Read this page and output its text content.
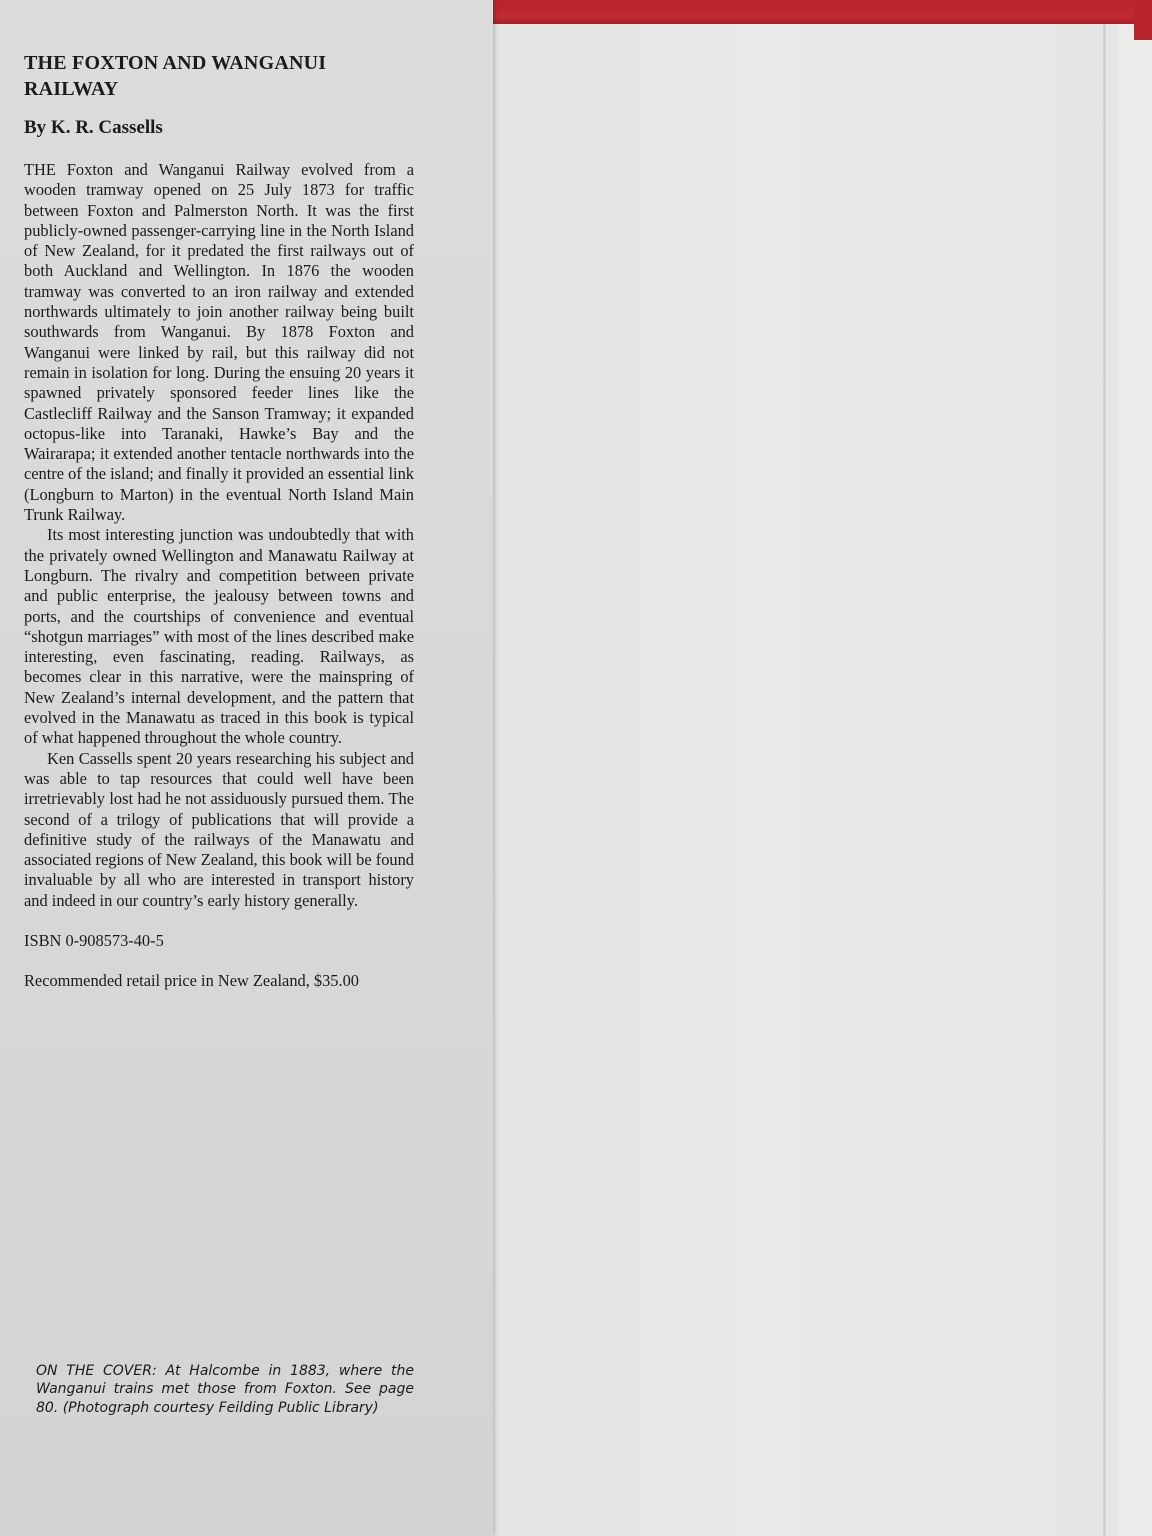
THE FOXTON AND WANGANUI RAILWAY
By K. R. Cassells

THE Foxton and Wanganui Railway evolved from a wooden tramway opened on 25 July 1873 for traffic between Foxton and Palmerston North. It was the first publicly-owned passenger-carrying line in the North Island of New Zealand, for it predated the first railways out of both Auckland and Wellington. In 1876 the wooden tramway was converted to an iron railway and extended northwards ultimately to join another railway being built southwards from Wanganui. By 1878 Foxton and Wanganui were linked by rail, but this railway did not remain in isolation for long. During the ensuing 20 years it spawned privately sponsored feeder lines like the Castlecliff Railway and the Sanson Tramway; it expanded octopus-like into Taranaki, Hawke’s Bay and the Wairarapa; it extended another tentacle northwards into the centre of the island; and finally it provided an essential link (Longburn to Marton) in the eventual North Island Main Trunk Railway.

Its most interesting junction was undoubtedly that with the privately owned Wellington and Manawatu Railway at Longburn. The rivalry and competition between private and public enterprise, the jealousy between towns and ports, and the courtships of convenience and eventual “shotgun marriages” with most of the lines described make interesting, even fascinating, reading. Railways, as becomes clear in this narrative, were the mainspring of New Zealand’s internal development, and the pattern that evolved in the Manawatu as traced in this book is typical of what happened throughout the whole country.

Ken Cassells spent 20 years researching his subject and was able to tap resources that could well have been irretrievably lost had he not assiduously pursued them. The second of a trilogy of publications that will provide a definitive study of the railways of the Manawatu and associated regions of New Zealand, this book will be found invaluable by all who are interested in transport history and indeed in our country’s early history generally.

ISBN 0-908573-40-5
Recommended retail price in New Zealand, $35.00

ON THE COVER: At Halcombe in 1883, where the Wanganui trains met those from Foxton. See page 80. (Photograph courtesy Feilding Public Library)
